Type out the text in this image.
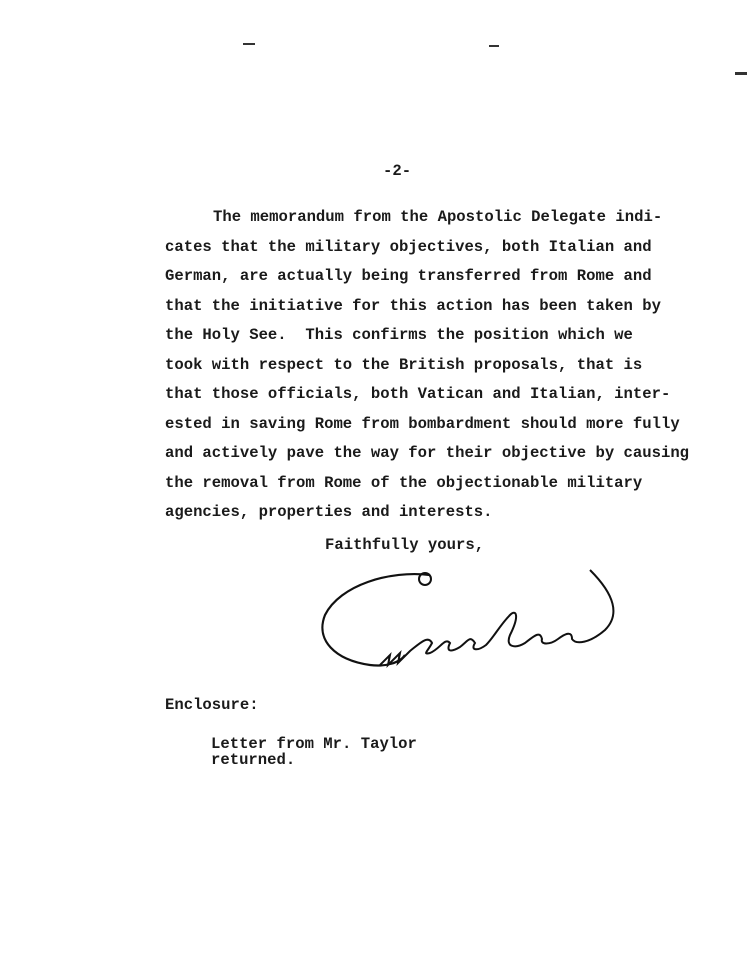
-2-
The memorandum from the Apostolic Delegate indi-
cates that the military objectives, both Italian and
German, are actually being transferred from Rome and
that the initiative for this action has been taken by
the Holy See.  This confirms the position which we
took with respect to the British proposals, that is
that those officials, both Vatican and Italian, inter-
ested in saving Rome from bombardment should more fully
and actively pave the way for their objective by causing
the removal from Rome of the objectionable military
agencies, properties and interests.
Faithfully yours,
Enclosure:
Letter from Mr. Taylor
returned.
